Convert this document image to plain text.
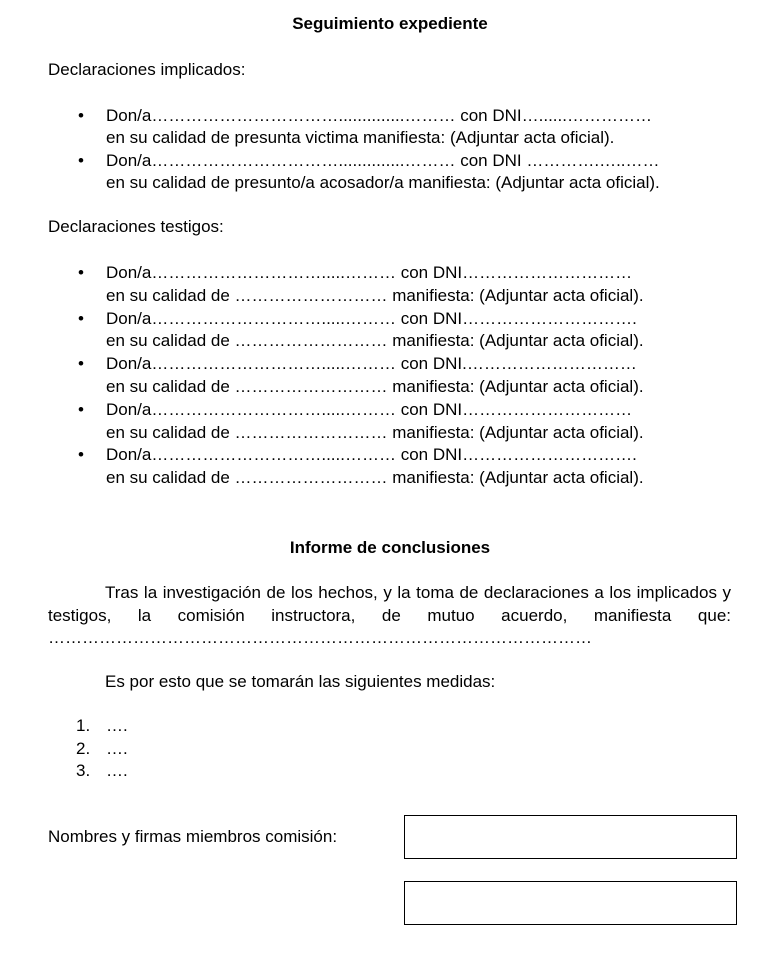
Seguimiento expediente
Declaraciones implicados:
• Don/a……………………………..............……… con DNI…......……………
en su calidad de presunta victima manifiesta: (Adjuntar acta oficial).
• Don/a……………………………..............……… con DNI ………….…..……
en su calidad de presunto/a acosador/a manifiesta: (Adjuntar acta oficial).
Declaraciones testigos:
• Don/a………………………….....……… con DNI…………………………
en su calidad de ……………………… manifiesta: (Adjuntar acta oficial).
• Don/a………………………….....……… con DNI………………………….
en su calidad de ……………………… manifiesta: (Adjuntar acta oficial).
• Don/a………………………….....……… con DNI.…………………………
en su calidad de ……………………… manifiesta: (Adjuntar acta oficial).
• Don/a………………………….....……… con DNI…………………………
en su calidad de ……………………… manifiesta: (Adjuntar acta oficial).
• Don/a………………………….....……… con DNI………………………….
en su calidad de ……………………… manifiesta: (Adjuntar acta oficial).
Informe de conclusiones
Tras la investigación de los hechos, y la toma de declaraciones a los implicados y testigos, la comisión instructora, de mutuo acuerdo, manifiesta que: ……………………………………………………………………………………
Es por esto que se tomarán las siguientes medidas:
1. ….
2. ….
3. ….
Nombres y firmas miembros comisión:
